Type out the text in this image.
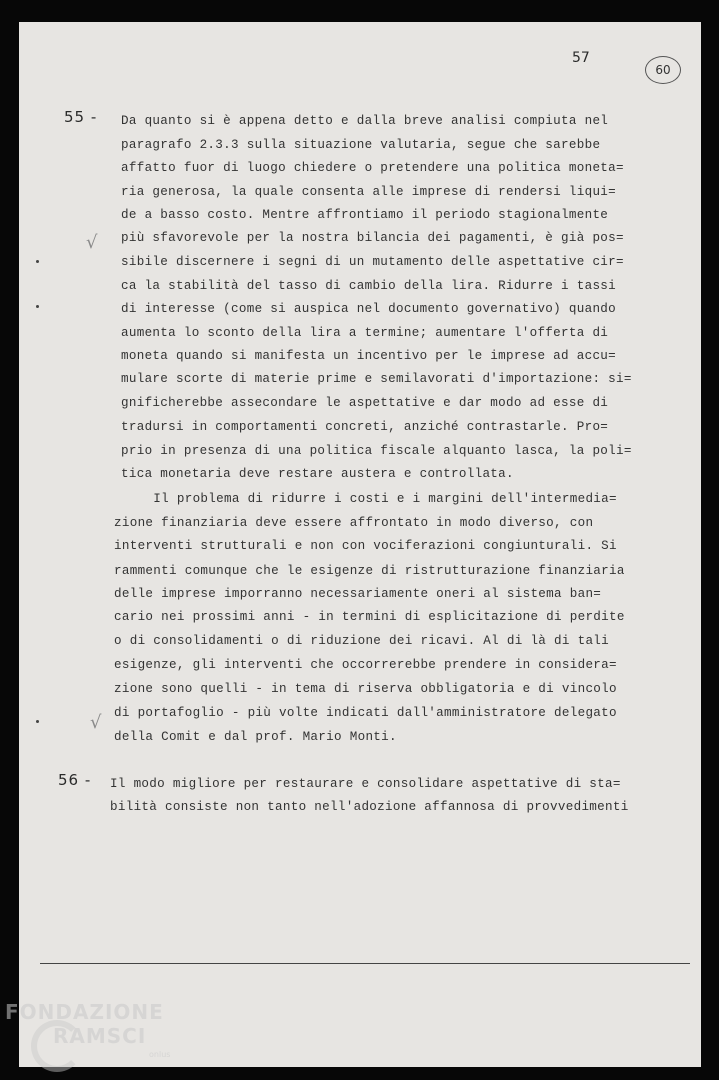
57
60
55 -
56 -
Da quanto si è appena detto e dalla breve analisi compiuta nel
paragrafo 2.3.3 sulla situazione valutaria, segue che sarebbe
affatto fuor di luogo chiedere o pretendere una politica moneta=
ria generosa, la quale consenta alle imprese di rendersi liqui=
de a basso costo. Mentre affrontiamo il periodo stagionalmente
più sfavorevole per la nostra bilancia dei pagamenti, è già pos=
sibile discernere i segni di un mutamento delle aspettative cir=
ca la stabilità del tasso di cambio della lira. Ridurre i tassi
di interesse (come si auspica nel documento governativo) quando
aumenta lo sconto della lira a termine; aumentare l'offerta di
moneta quando si manifesta un incentivo per le imprese ad accu=
mulare scorte di materie prime e semilavorati d'importazione: si=
gnificherebbe assecondare le aspettative e dar modo ad esse di
tradursi in comportamenti concreti, anziché contrastarle. Pro=
prio in presenza di una politica fiscale alquanto lasca, la poli=
tica monetaria deve restare austera e controllata.
Il problema di ridurre i costi e i margini dell'intermedia=
zione finanziaria deve essere affrontato in modo diverso, con
interventi strutturali e non con vociferazioni congiunturali. Si
rammenti comunque che le esigenze di ristrutturazione finanziaria
delle imprese imporranno necessariamente oneri al sistema ban=
cario nei prossimi anni - in termini di esplicitazione di perdite
o di consolidamenti o di riduzione dei ricavi. Al di là di tali
esigenze, gli interventi che occorrerebbe prendere in considera=
zione sono quelli - in tema di riserva obbligatoria e di vincolo
di portafoglio - più volte indicati dall'amministratore delegato
della Comit e dal prof. Mario Monti.
Il modo migliore per restaurare e consolidare aspettative di sta=
bilità consiste non tanto nell'adozione affannosa di provvedimenti
√
√
FONDAZIONE
RAMSCI
onlus
